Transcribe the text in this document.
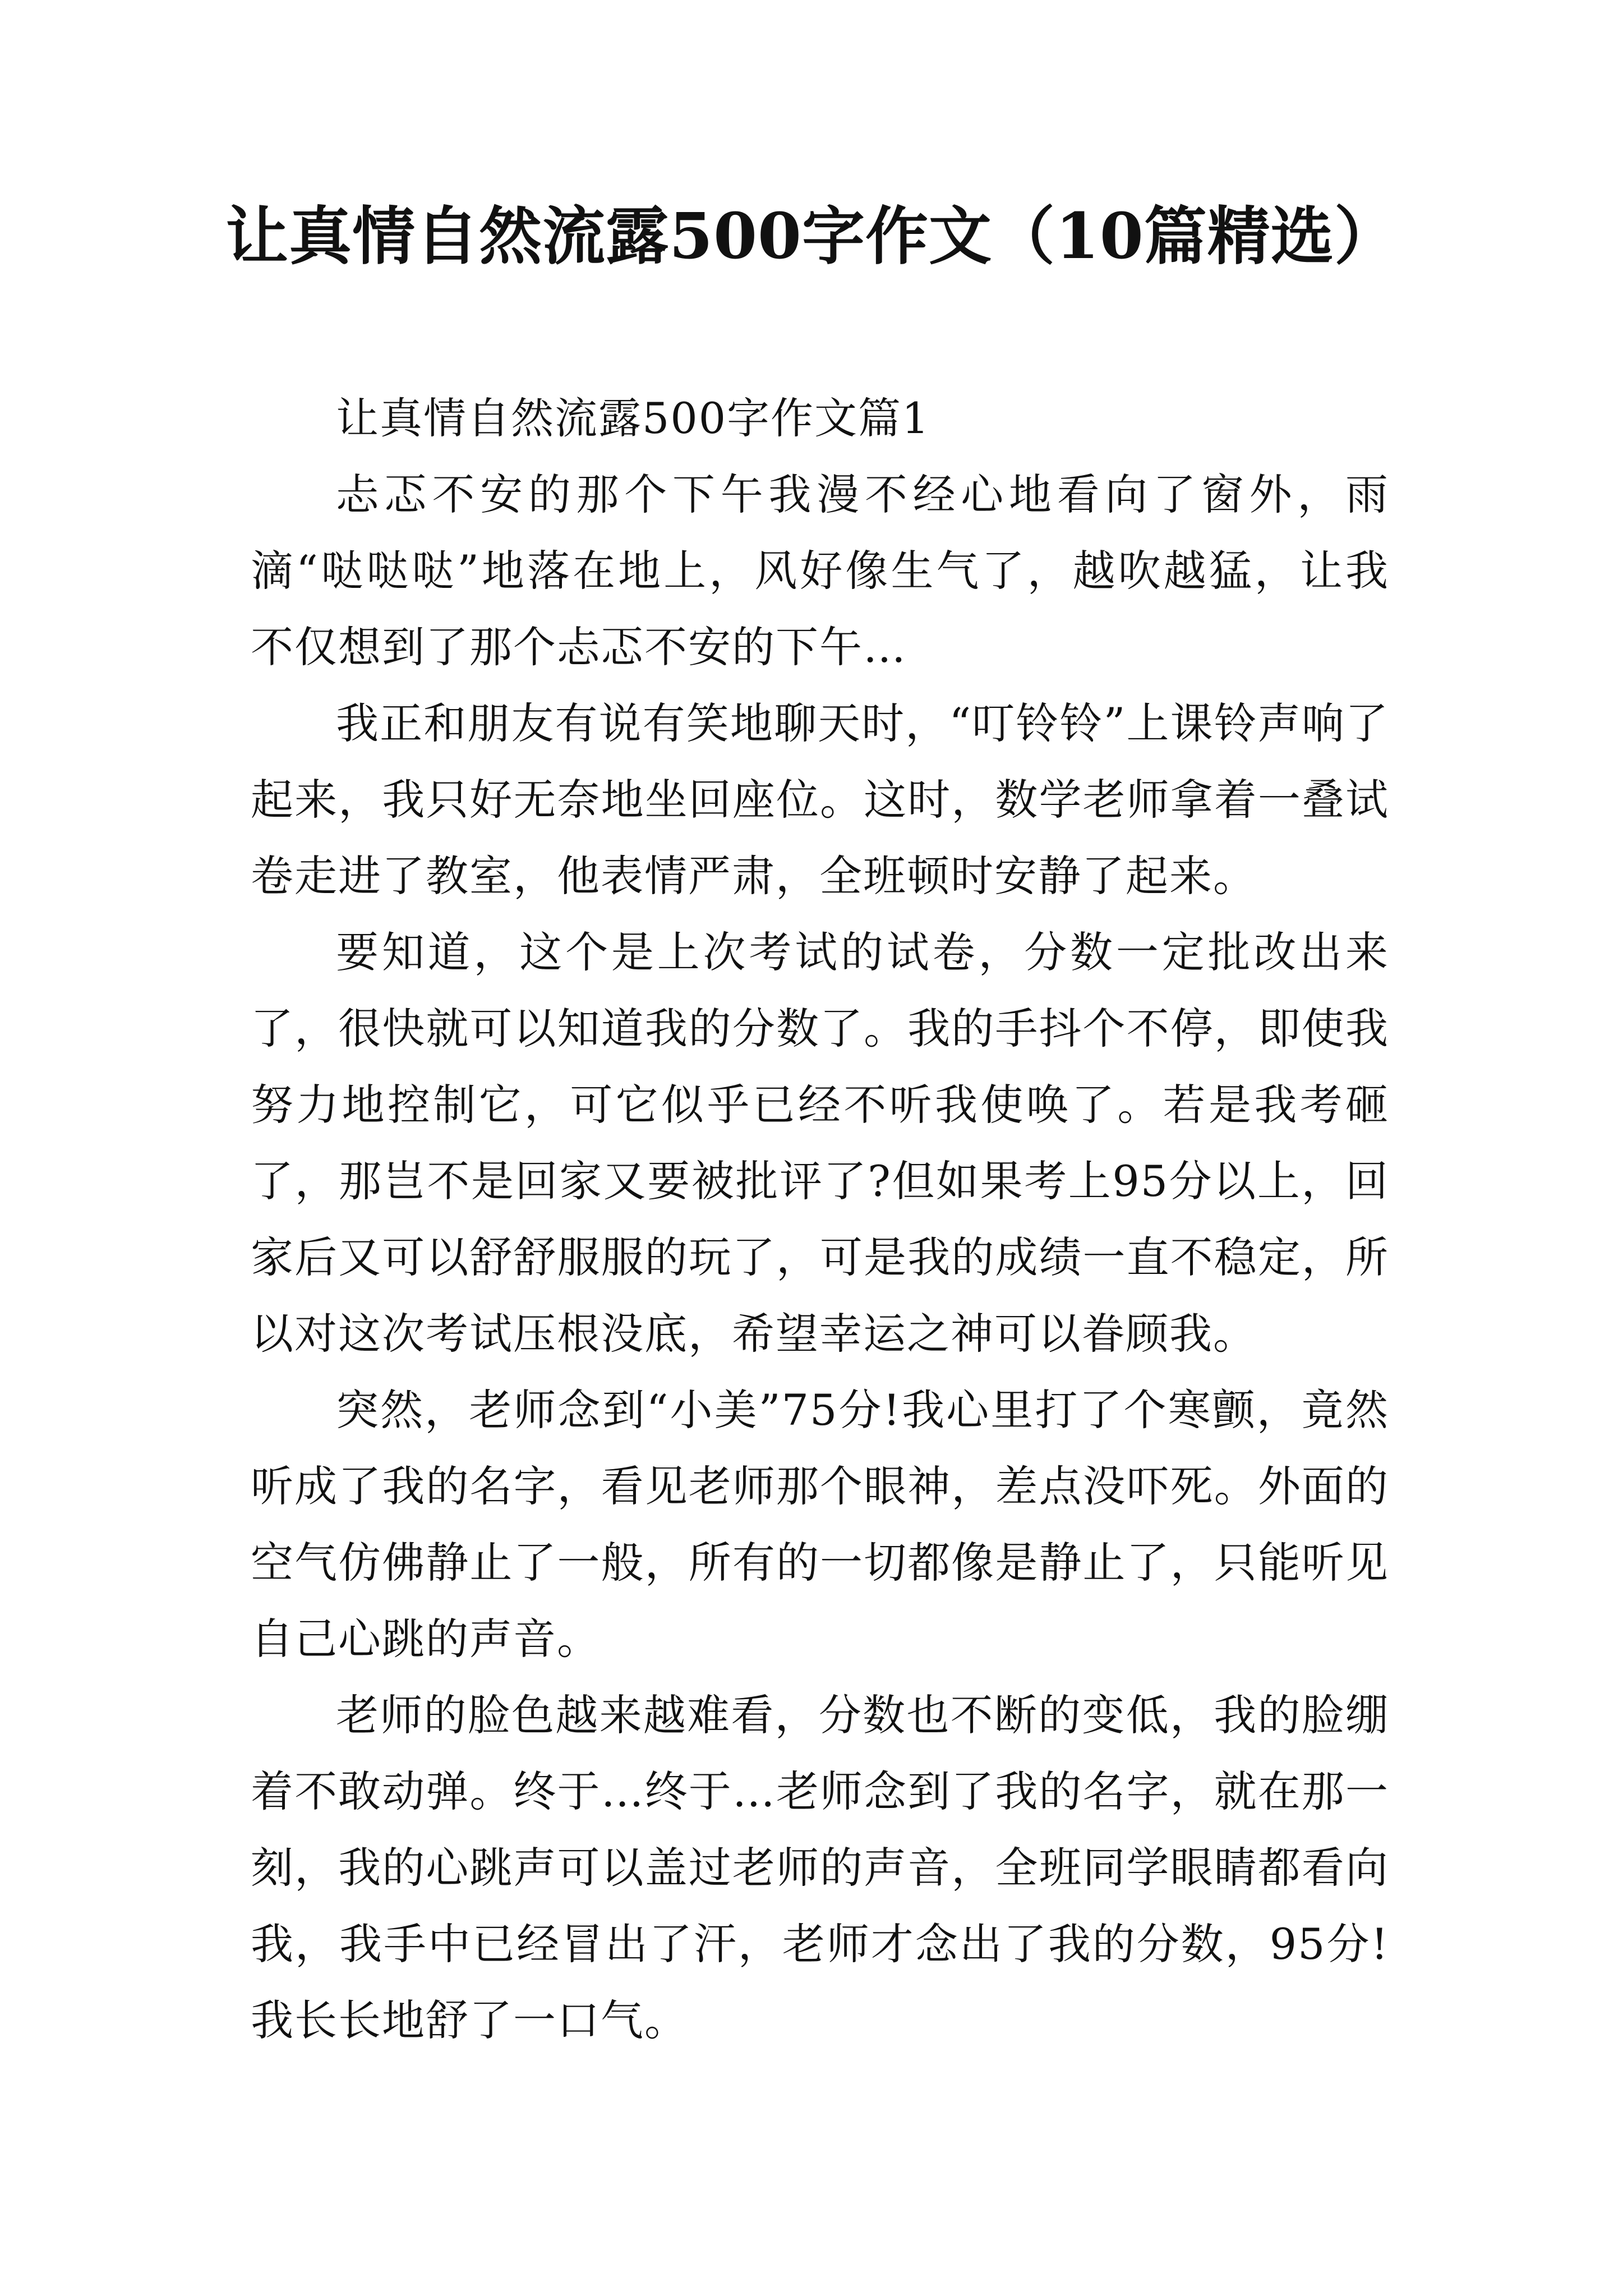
让真情自然流露500字作文（10篇精选）

让真情自然流露500字作文篇1

忐忑不安的那个下午我漫不经心地看向了窗外，雨滴“哒哒哒”地落在地上，风好像生气了，越吹越猛，让我不仅想到了那个忐忑不安的下午…

我正和朋友有说有笑地聊天时，“叮铃铃”上课铃声响了起来，我只好无奈地坐回座位。这时，数学老师拿着一叠试卷走进了教室，他表情严肃，全班顿时安静了起来。

要知道，这个是上次考试的试卷，分数一定批改出来了，很快就可以知道我的分数了。我的手抖个不停，即使我努力地控制它，可它似乎已经不听我使唤了。若是我考砸了，那岂不是回家又要被批评了?但如果考上95分以上，回家后又可以舒舒服服的玩了，可是我的成绩一直不稳定，所以对这次考试压根没底，希望幸运之神可以眷顾我。

突然，老师念到“小美”75分!我心里打了个寒颤，竟然听成了我的名字，看见老师那个眼神，差点没吓死。外面的空气仿佛静止了一般，所有的一切都像是静止了，只能听见自己心跳的声音。

老师的脸色越来越难看，分数也不断的变低，我的脸绷着不敢动弹。终于…终于…老师念到了我的名字，就在那一刻，我的心跳声可以盖过老师的声音，全班同学眼睛都看向我，我手中已经冒出了汗，老师才念出了我的分数，95分!我长长地舒了一口气。
